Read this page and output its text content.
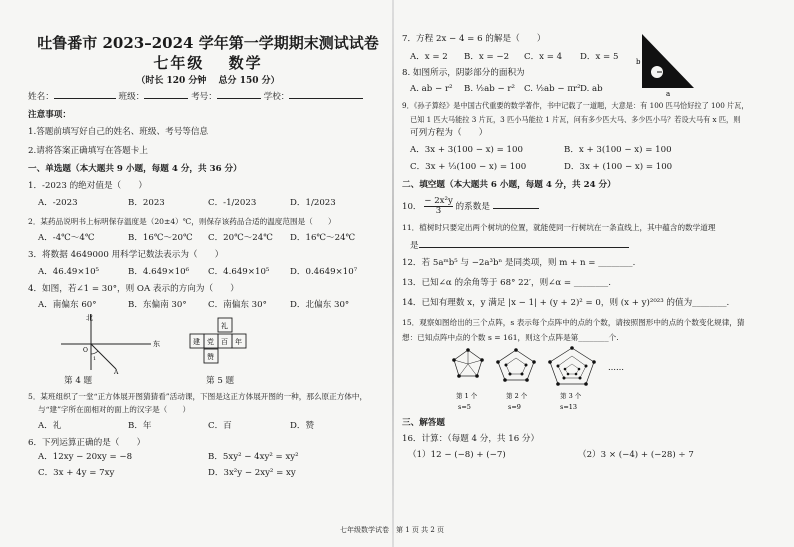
吐鲁番市 2023–2024 学年第一学期期末测试试卷
七年级　 数学
（时长 120 分钟　 总分 150 分）
姓名：	班级：	考号：	学校：
注意事项：
1.答题前填写好自己的姓名、班级、考号等信息
2.请将答案正确填写在答题卡上
一、单选题（本大题共 9 小题，每题 4 分，共 36 分）
1．-2023 的绝对值是（　　）
A．-2023	B．2023	C．-1/2023	D．1/2023
2．某药品说明书上标明保存温度是（20±4）℃，则保存该药品合适的温度范围是（　　）
A．-4℃～4℃	B．16℃～20℃ C．20℃～24℃ D．16℃～24℃
3．将数据 4649000 用科学记数法表示为（　　）
A．46.49×10⁵	B．4.649×10⁶ C．4.649×10⁵ D．0.4649×10⁷
4．如图，若∠1 = 30°，则 OA 表示的方向为（　　）
A．南偏东 60°	B．东偏南 30° C．南偏东 30°	D．北偏东 30°
北
东
O
A
1
第 4 题
礼
建 党 百 年
赞
第 5 题
5．某班组织了一堂“正方体展开图猜猜看”活动课，下图是这正方体展开图的一种，那么原正方体中，
与“建”字所在面相对的面上的汉字是（　　）
A．礼	B．年	C．百	D．赞
6．下列运算正确的是（　　）
A．12xy − 20xy = −8	B．5xy² − 4xy² = xy²
C．3x + 4y = 7xy	D．3x²y − 2xy² = xy
7．方程 2x − 4 = 6 的解是（　　）
A．x = 2 B．x = −2 C．x = 4 D．x = 5
8. 如图所示，阴影部分的面积为
A. ab − r² B. ½ab − r² C. ½ab − πr² D. ab
b
a
9．《孙子算经》是中国古代重要的数学著作，书中记载了一道题，大意是：有 100 匹马恰好拉了 100 片瓦，
已知 1 匹大马能拉 3 片瓦，3 匹小马能拉 1 片瓦，问有多少匹大马、多少匹小马？若设大马有 x 匹，则
可列方程为（　　）
A．3x + 3(100 − x) = 100	B．x + 3(100 − x) = 100
C．3x + ⅓(100 − x) = 100	D．3x + (100 − x) = 100
二、填空题（本大题共 6 小题，每题 4 分，共 24 分）
10． $\frac{\text{− 2x²y}}{3}$ 的系数是
11．植树时只要定出两个树坑的位置，就能使同一行树坑在一条直线上，其中蕴含的数学道理
是
12．若 5aᵐb⁵ 与 −2a³bⁿ 是同类项，则 m + n = ________.
13．已知∠α 的余角等于 68° 22′，则∠α = ________.
14．已知有理数 x，y 满足 |x − 1| + (y + 2)² = 0，则 (x + y)²⁰²³ 的值为________.
15．观察如图给出的三个点阵，s 表示每个点阵中的点的个数，请按照图形中的点的个数变化规律，猜
想：已知点阵中点的个数 s = 161，则这个点阵是第________个.
……
第 1 个
s=5
第 2 个
s=9
第 3 个
s=13
三、解答题
16．计算：（每题 4 分，共 16 分）
（1）12 − (−8) + (−7)	（2）3 × (−4) + (−28) ÷ 7
七年级数学试卷　第 1 页 共 2 页
